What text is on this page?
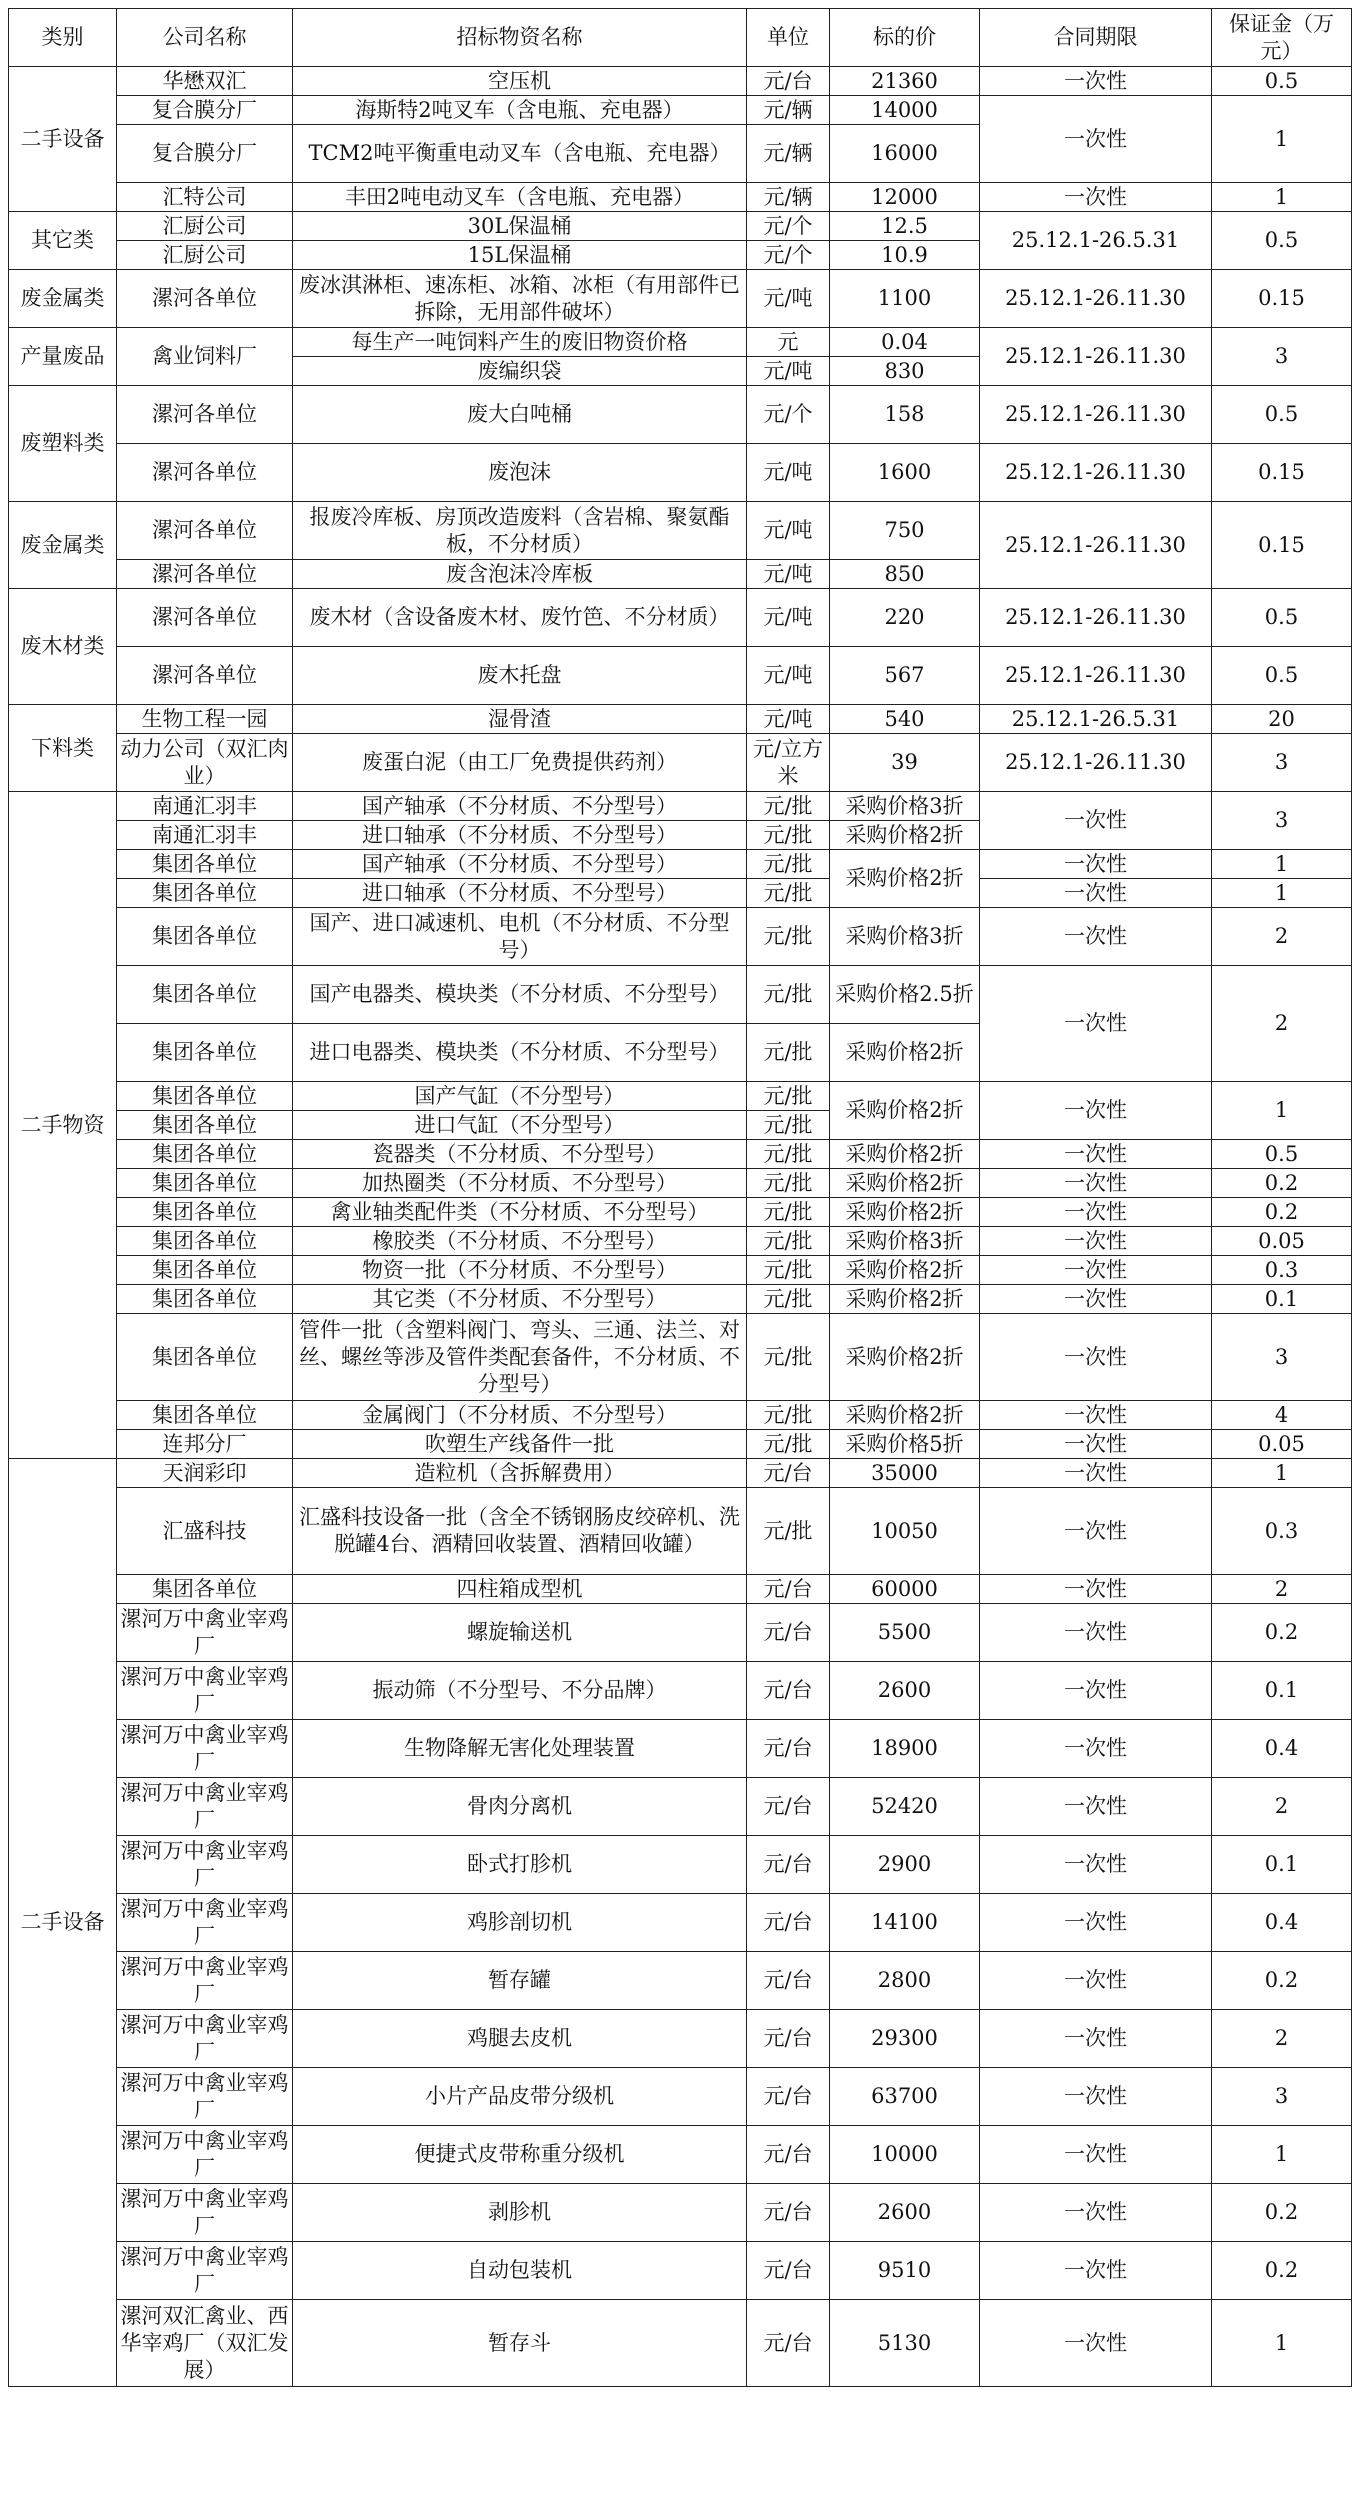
类别	公司名称	招标物资名称	单位	标的价	合同期限	保证金（万元）
二手设备	华懋双汇	空压机	元/台	21360	一次性	0.5
	复合膜分厂	海斯特2吨叉车（含电瓶、充电器）	元/辆	14000	一次性	1
	复合膜分厂	TCM2吨平衡重电动叉车（含电瓶、充电器）	元/辆	16000		
	汇特公司	丰田2吨电动叉车（含电瓶、充电器）	元/辆	12000	一次性	1
其它类	汇厨公司	30L保温桶	元/个	12.5	25.12.1-26.5.31	0.5
	汇厨公司	15L保温桶	元/个	10.9		
废金属类	漯河各单位	废冰淇淋柜、速冻柜、冰箱、冰柜（有用部件已拆除，无用部件破坏）	元/吨	1100	25.12.1-26.11.30	0.15
产量废品	禽业饲料厂	每生产一吨饲料产生的废旧物资价格	元	0.04	25.12.1-26.11.30	3
		废编织袋	元/吨	830		
废塑料类	漯河各单位	废大白吨桶	元/个	158	25.12.1-26.11.30	0.5
	漯河各单位	废泡沫	元/吨	1600	25.12.1-26.11.30	0.15
废金属类	漯河各单位	报废冷库板、房顶改造废料（含岩棉、聚氨酯板，不分材质）	元/吨	750	25.12.1-26.11.30	0.15
	漯河各单位	废含泡沫冷库板	元/吨	850		
废木材类	漯河各单位	废木材（含设备废木材、废竹笆、不分材质）	元/吨	220	25.12.1-26.11.30	0.5
	漯河各单位	废木托盘	元/吨	567	25.12.1-26.11.30	0.5
下料类	生物工程一园	湿骨渣	元/吨	540	25.12.1-26.5.31	20
	动力公司（双汇肉业）	废蛋白泥（由工厂免费提供药剂）	元/立方米	39	25.12.1-26.11.30	3
二手物资	南通汇羽丰	国产轴承（不分材质、不分型号）	元/批	采购价格3折	一次性	3
	南通汇羽丰	进口轴承（不分材质、不分型号）	元/批	采购价格2折		
	集团各单位	国产轴承（不分材质、不分型号）	元/批	采购价格2折	一次性	1
	集团各单位	进口轴承（不分材质、不分型号）	元/批		一次性	1
	集团各单位	国产、进口减速机、电机（不分材质、不分型号）	元/批	采购价格3折	一次性	2
	集团各单位	国产电器类、模块类（不分材质、不分型号）	元/批	采购价格2.5折	一次性	2
	集团各单位	进口电器类、模块类（不分材质、不分型号）	元/批	采购价格2折		
	集团各单位	国产气缸（不分型号）	元/批	采购价格2折	一次性	1
	集团各单位	进口气缸（不分型号）	元/批			
	集团各单位	瓷器类（不分材质、不分型号）	元/批	采购价格2折	一次性	0.5
	集团各单位	加热圈类（不分材质、不分型号）	元/批	采购价格2折	一次性	0.2
	集团各单位	禽业轴类配件类（不分材质、不分型号）	元/批	采购价格2折	一次性	0.2
	集团各单位	橡胶类（不分材质、不分型号）	元/批	采购价格3折	一次性	0.05
	集团各单位	物资一批（不分材质、不分型号）	元/批	采购价格2折	一次性	0.3
	集团各单位	其它类（不分材质、不分型号）	元/批	采购价格2折	一次性	0.1
	集团各单位	管件一批（含塑料阀门、弯头、三通、法兰、对丝、螺丝等涉及管件类配套备件，不分材质、不分型号）	元/批	采购价格2折	一次性	3
	集团各单位	金属阀门（不分材质、不分型号）	元/批	采购价格2折	一次性	4
	连邦分厂	吹塑生产线备件一批	元/批	采购价格5折	一次性	0.05
二手设备	天润彩印	造粒机（含拆解费用）	元/台	35000	一次性	1
	汇盛科技	汇盛科技设备一批（含全不锈钢肠皮绞碎机、洗脱罐4台、酒精回收装置、酒精回收罐）	元/批	10050	一次性	0.3
	集团各单位	四柱箱成型机	元/台	60000	一次性	2
	漯河万中禽业宰鸡厂	螺旋输送机	元/台	5500	一次性	0.2
	漯河万中禽业宰鸡厂	振动筛（不分型号、不分品牌）	元/台	2600	一次性	0.1
	漯河万中禽业宰鸡厂	生物降解无害化处理装置	元/台	18900	一次性	0.4
	漯河万中禽业宰鸡厂	骨肉分离机	元/台	52420	一次性	2
	漯河万中禽业宰鸡厂	卧式打胗机	元/台	2900	一次性	0.1
	漯河万中禽业宰鸡厂	鸡胗剖切机	元/台	14100	一次性	0.4
	漯河万中禽业宰鸡厂	暂存罐	元/台	2800	一次性	0.2
	漯河万中禽业宰鸡厂	鸡腿去皮机	元/台	29300	一次性	2
	漯河万中禽业宰鸡厂	小片产品皮带分级机	元/台	63700	一次性	3
	漯河万中禽业宰鸡厂	便捷式皮带称重分级机	元/台	10000	一次性	1
	漯河万中禽业宰鸡厂	剥胗机	元/台	2600	一次性	0.2
	漯河万中禽业宰鸡厂	自动包装机	元/台	9510	一次性	0.2
	漯河双汇禽业、西华宰鸡厂（双汇发展）	暂存斗	元/台	5130	一次性	1
